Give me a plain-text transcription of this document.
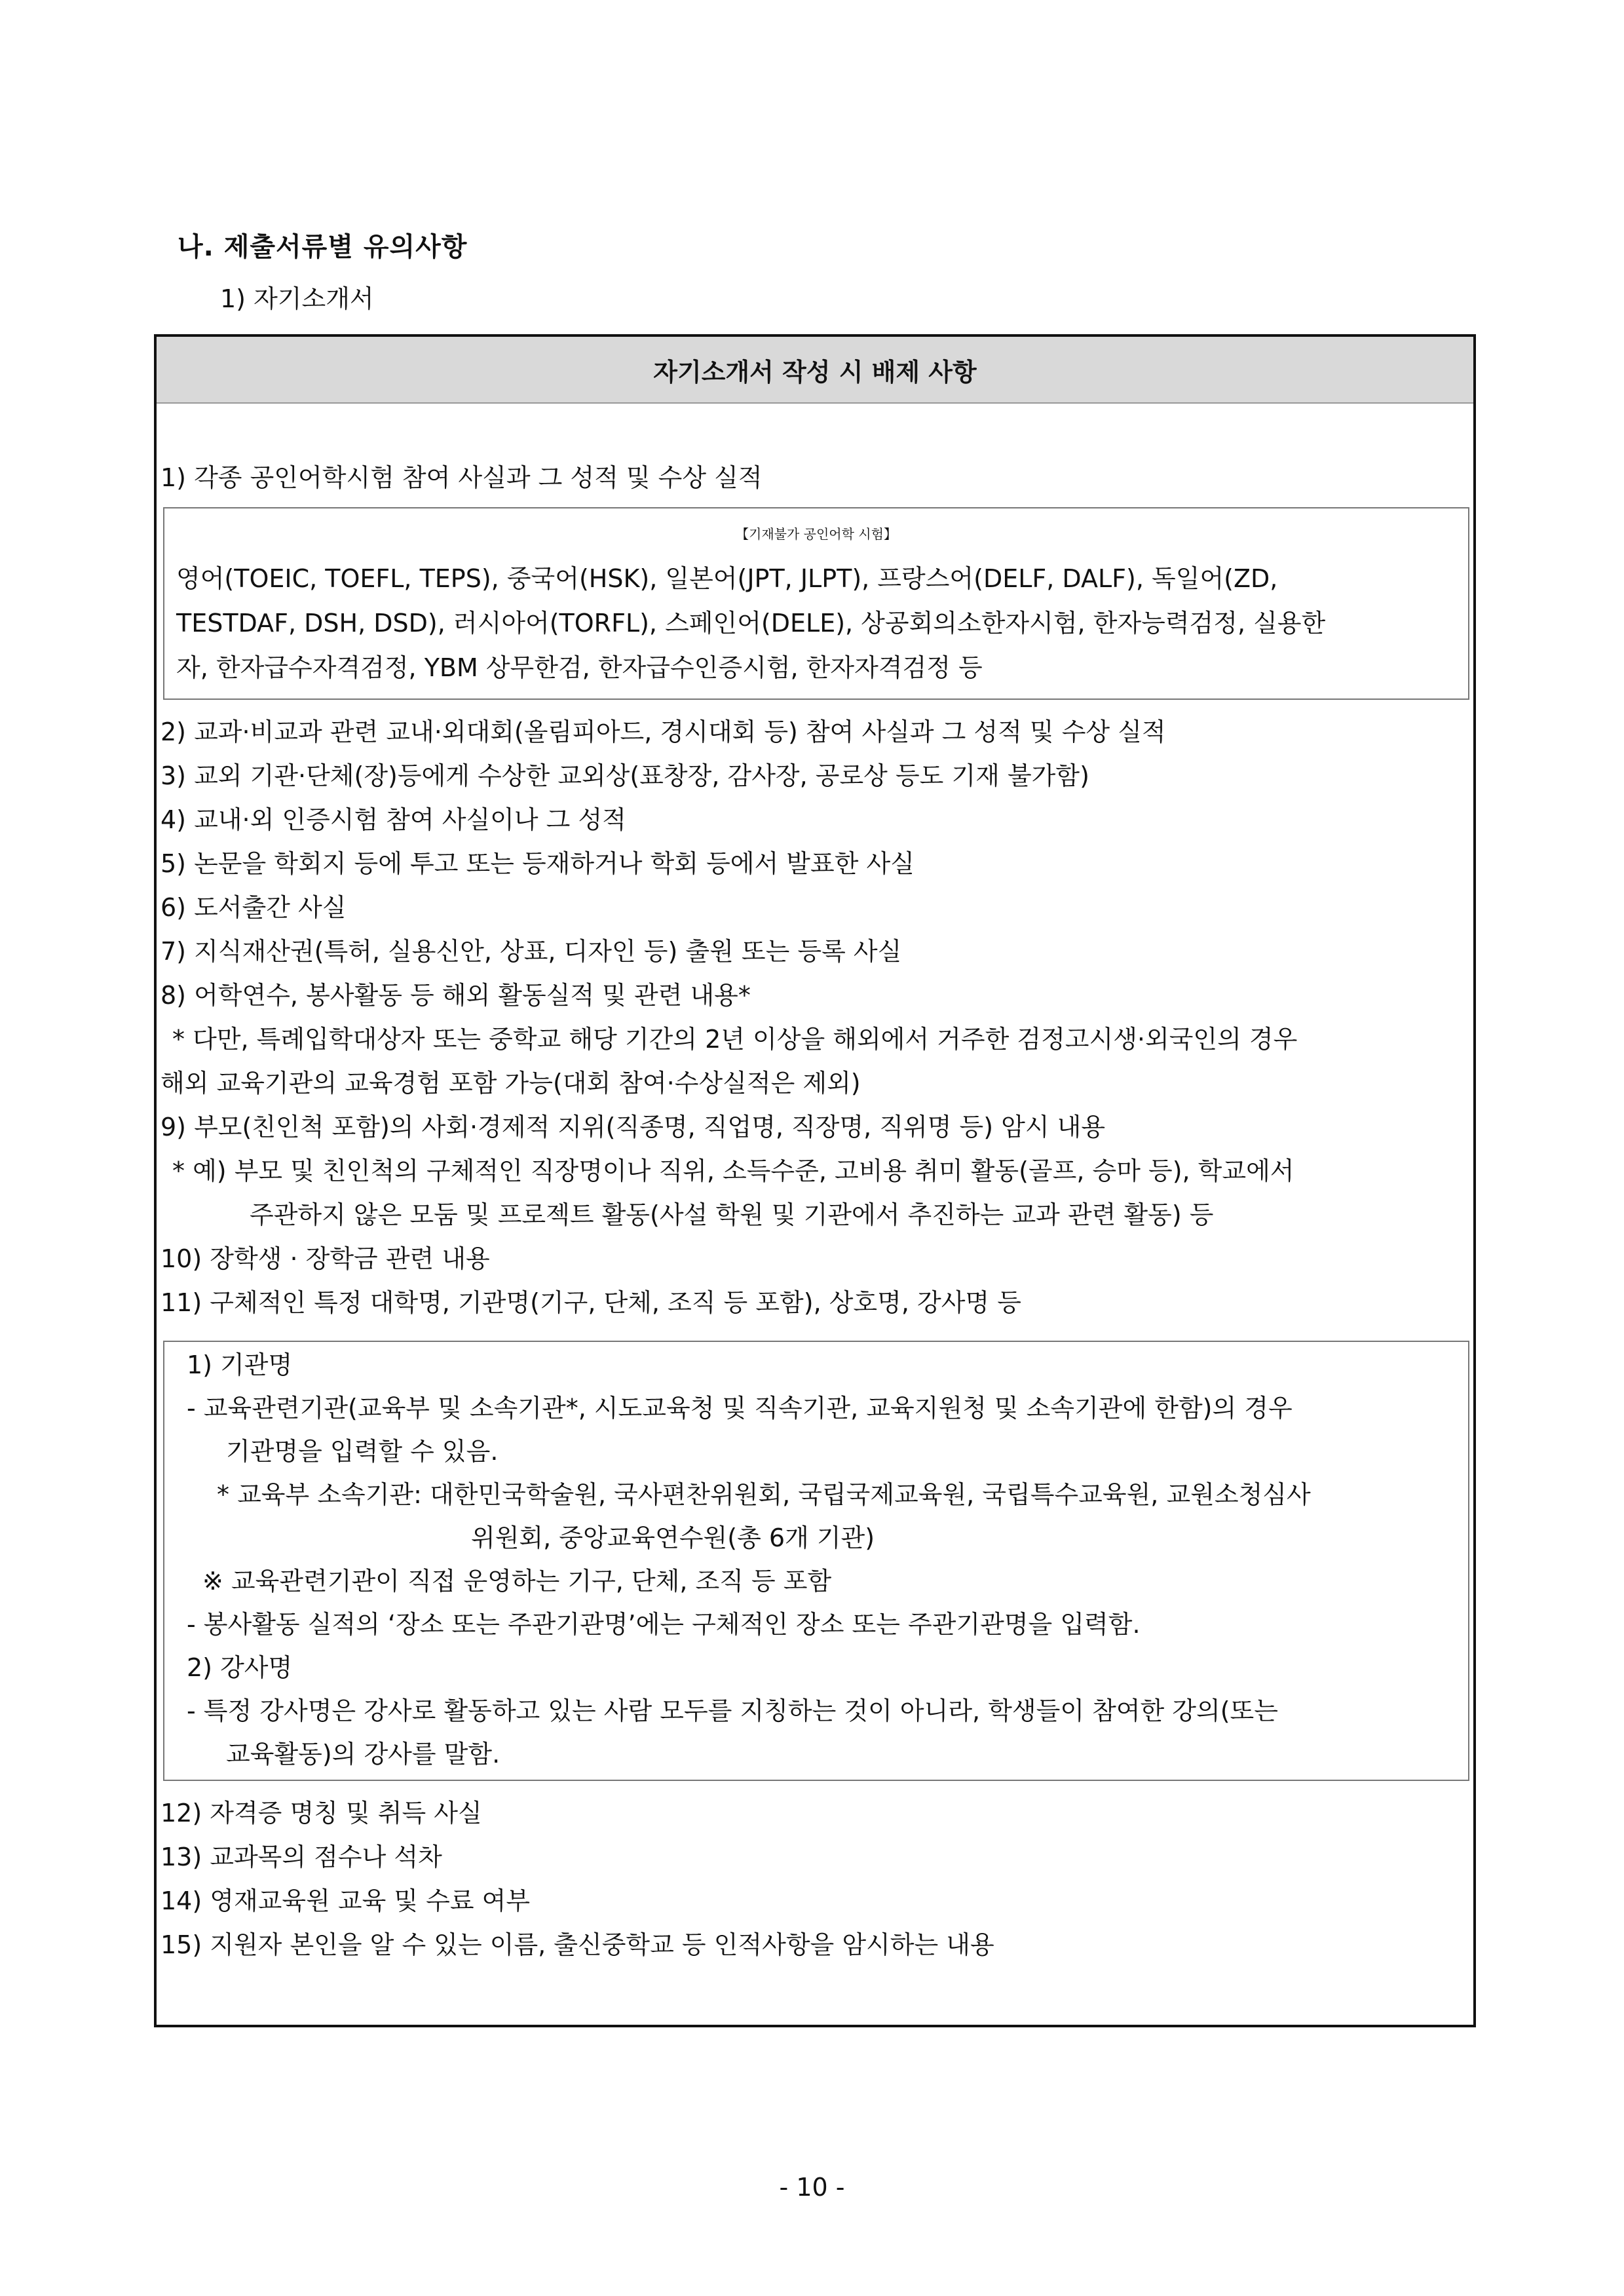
나. 제출서류별 유의사항
1) 자기소개서
자기소개서 작성 시 배제 사항
1) 각종 공인어학시험 참여 사실과 그 성적 및 수상 실적
【기재불가 공인어학 시험】
영어(TOEIC, TOEFL, TEPS), 중국어(HSK), 일본어(JPT, JLPT), 프랑스어(DELF, DALF), 독일어(ZD,
TESTDAF, DSH, DSD), 러시아어(TORFL), 스페인어(DELE), 상공회의소한자시험, 한자능력검정, 실용한
자, 한자급수자격검정, YBM 상무한검, 한자급수인증시험, 한자자격검정 등
2) 교과·비교과 관련 교내·외대회(올림피아드, 경시대회 등) 참여 사실과 그 성적 및 수상 실적
3) 교외 기관·단체(장)등에게 수상한 교외상(표창장, 감사장, 공로상 등도 기재 불가함)
4) 교내·외 인증시험 참여 사실이나 그 성적
5) 논문을 학회지 등에 투고 또는 등재하거나 학회 등에서 발표한 사실
6) 도서출간 사실
7) 지식재산권(특허, 실용신안, 상표, 디자인 등) 출원 또는 등록 사실
8) 어학연수, 봉사활동 등 해외 활동실적 및 관련 내용*
* 다만, 특례입학대상자 또는 중학교 해당 기간의 2년 이상을 해외에서 거주한 검정고시생·외국인의 경우
해외 교육기관의 교육경험 포함 가능(대회 참여·수상실적은 제외)
9) 부모(친인척 포함)의 사회·경제적 지위(직종명, 직업명, 직장명, 직위명 등) 암시 내용
* 예) 부모 및 친인척의 구체적인 직장명이나 직위, 소득수준, 고비용 취미 활동(골프, 승마 등), 학교에서
주관하지 않은 모둠 및 프로젝트 활동(사설 학원 및 기관에서 추진하는 교과 관련 활동) 등
10) 장학생 · 장학금 관련 내용
11) 구체적인 특정 대학명, 기관명(기구, 단체, 조직 등 포함), 상호명, 강사명 등
1) 기관명
- 교육관련기관(교육부 및 소속기관*, 시도교육청 및 직속기관, 교육지원청 및 소속기관에 한함)의 경우
기관명을 입력할 수 있음.
* 교육부 소속기관: 대한민국학술원, 국사편찬위원회, 국립국제교육원, 국립특수교육원, 교원소청심사
위원회, 중앙교육연수원(총 6개 기관)
※ 교육관련기관이 직접 운영하는 기구, 단체, 조직 등 포함
- 봉사활동 실적의 ‘장소 또는 주관기관명’에는 구체적인 장소 또는 주관기관명을 입력함.
2) 강사명
- 특정 강사명은 강사로 활동하고 있는 사람 모두를 지칭하는 것이 아니라, 학생들이 참여한 강의(또는
교육활동)의 강사를 말함.
12) 자격증 명칭 및 취득 사실
13) 교과목의 점수나 석차
14) 영재교육원 교육 및 수료 여부
15) 지원자 본인을 알 수 있는 이름, 출신중학교 등 인적사항을 암시하는 내용
- 10 -
